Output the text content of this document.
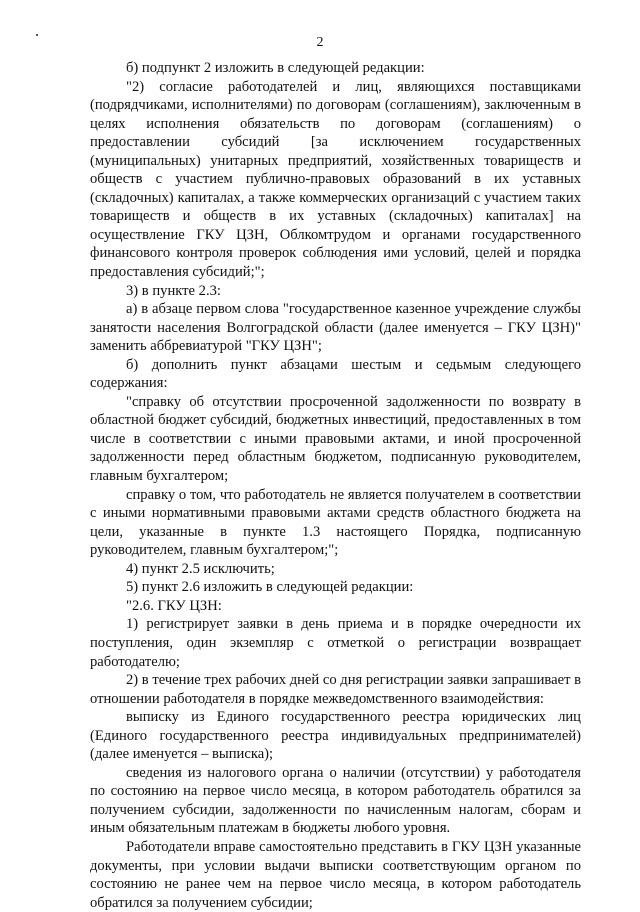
2

б) подпункт 2 изложить в следующей редакции:

"2) согласие работодателей и лиц, являющихся поставщиками (подрядчиками, исполнителями) по договорам (соглашениям), заключенным в целях исполнения обязательств по договорам (соглашениям) о предоставлении субсидий [за исключением государственных (муниципальных) унитарных предприятий, хозяйственных товариществ и обществ с участием публично-правовых образований в их уставных (складочных) капиталах, а также коммерческих организаций с участием таких товариществ и обществ в их уставных (складочных) капиталах] на осуществление ГКУ ЦЗН, Облкомтрудом и органами государственного финансового контроля проверок соблюдения ими условий, целей и порядка предоставления субсидий;";

3) в пункте 2.3:

а) в абзаце первом слова "государственное казенное учреждение службы занятости населения Волгоградской области (далее именуется – ГКУ ЦЗН)" заменить аббревиатурой "ГКУ ЦЗН";

б) дополнить пункт абзацами шестым и седьмым следующего содержания:

"справку об отсутствии просроченной задолженности по возврату в областной бюджет субсидий, бюджетных инвестиций, предоставленных в том числе в соответствии с иными правовыми актами, и иной просроченной задолженности перед областным бюджетом, подписанную руководителем, главным бухгалтером;

справку о том, что работодатель не является получателем в соответствии с иными нормативными правовыми актами средств областного бюджета на цели, указанные в пункте 1.3 настоящего Порядка, подписанную руководителем, главным бухгалтером;";

4) пункт 2.5 исключить;

5) пункт 2.6 изложить в следующей редакции:

"2.6. ГКУ ЦЗН:

1) регистрирует заявки в день приема и в порядке очередности их поступления, один экземпляр с отметкой о регистрации возвращает работодателю;

2) в течение трех рабочих дней со дня регистрации заявки запрашивает в отношении работодателя в порядке межведомственного взаимодействия:

выписку из Единого государственного реестра юридических лиц (Единого государственного реестра индивидуальных предпринимателей) (далее именуется – выписка);

сведения из налогового органа о наличии (отсутствии) у работодателя по состоянию на первое число месяца, в котором работодатель обратился за получением субсидии, задолженности по начисленным налогам, сборам и иным обязательным платежам в бюджеты любого уровня.

Работодатели вправе самостоятельно представить в ГКУ ЦЗН указанные документы, при условии выдачи выписки соответствующим органом по состоянию не ранее чем на первое число месяца, в котором работодатель обратился за получением субсидии;
